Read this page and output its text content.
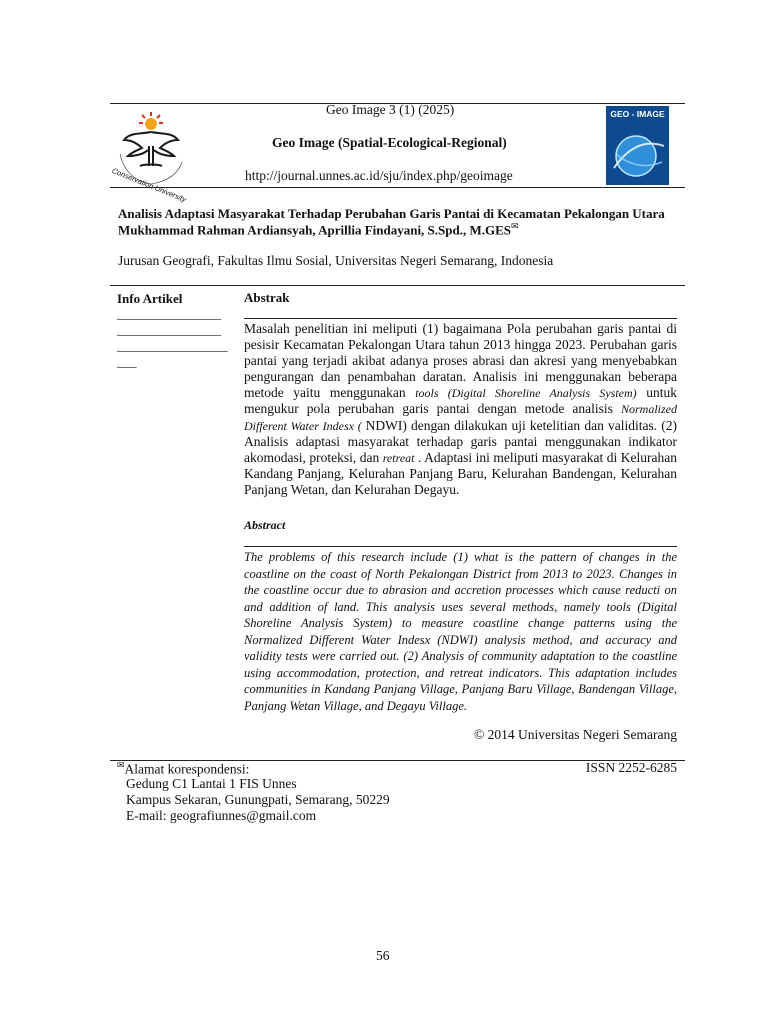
Conservation University
Geo Image 3 (1) (2025)
Geo Image (Spatial-Ecological-Regional)
http://journal.unnes.ac.id/sju/index.php/geoimage
GEO - IMAGE
Analisis Adaptasi Masyarakat Terhadap Perubahan Garis Pantai di Kecamatan Pekalongan Utara
Mukhammad Rahman Ardiansyah, Aprillia Findayani, S.Spd., M.GES✉
Jurusan Geografi, Fakultas Ilmu Sosial, Universitas Negeri Semarang, Indonesia
Info Artikel
________________
________________
_________________
___
Abstrak
Masalah penelitian ini meliputi (1) bagaimana Pola perubahan garis pantai di pesisir Kecamatan Pekalongan Utara tahun 2013 hingga 2023. Perubahan garis pantai yang terjadi akibat adanya proses abrasi dan akresi yang menyebabkan pengurangan dan penambahan daratan. Analisis ini menggunakan beberapa metode yaitu menggunakan tools (Digital Shoreline Analysis System) untuk mengukur pola perubahan garis pantai dengan metode analisis Normalized Different Water Indesx ( NDWI) dengan dilakukan uji ketelitian dan validitas. (2) Analisis adaptasi masyarakat terhadap garis pantai menggunakan indikator akomodasi, proteksi, dan retreat . Adaptasi ini meliputi masyarakat di Kelurahan Kandang Panjang, Kelurahan Panjang Baru, Kelurahan Bandengan, Kelurahan Panjang Wetan, dan Kelurahan Degayu.
Abstract
The problems of this research include (1) what is the pattern of changes in the coastline on the coast of North Pekalongan District from 2013 to 2023. Changes in the coastline occur due to abrasion and accretion processes which cause reducti on and addition of land. This analysis uses several methods, namely tools (Digital Shoreline Analysis System) to measure coastline change patterns using the Normalized Different Water Indesx (NDWI) analysis method, and accuracy and validity tests were carried out. (2) Analysis of community adaptation to the coastline using accommodation, protection, and retreat indicators. This adaptation includes communities in Kandang Panjang Village, Panjang Baru Village, Bandengan Village, Panjang Wetan Village, and Degayu Village.
© 2014 Universitas Negeri Semarang
✉Alamat korespondensi:	ISSN 2252-6285
Gedung C1 Lantai 1 FIS Unnes
Kampus Sekaran, Gunungpati, Semarang, 50229
E-mail: geografiunnes@gmail.com
56
